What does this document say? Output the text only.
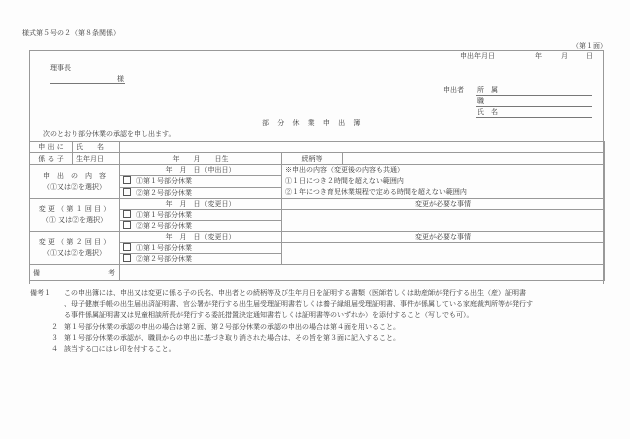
様式第５号の２（第８条関係）
（第１面）
理事長
様
申出年月日	年	月	日
申出者 所　属
職
氏　名
部 分 休 業 申 出 簿
次のとおり部分休業の承認を申し出ます。
申 出 に	氏　　名			
係 る 子	生年月日	年　　月　　日生	続柄等	

申　出　の　内　容
（①又は②を選択）
	年　月　日（申出日）	※申出の内容（変更後の内容も共通）
①１日につき２時間を超えない範囲内
②１年につき育児休業規程で定める時間を超えない範囲内

		①第１号部分休業		
		②第２号部分休業		

変 更 （ 第 １ 回 目 ）
（① 又は②を選択）		年　月　日（変更日）	変更が必要な事情	
		①第１号部分休業		
		②第２号部分休業		

変 更 （ 第 ２ 回 目 ）
（①又は②を選択）		年　月　日（変更日）	変更が必要な事情	
		①第１号部分休業		
		②第２号部分休業		
備 考				

備考１	この申出簿には、申出又は変更に係る子の氏名、申出者との続柄等及び生年月日を証明する書類（医師若しくは助産師が発行する出生（産）証明書
、母子健康手帳の出生届出済証明書、官公署が発行する出生届受理証明書若しくは養子縁組届受理証明書、事件が係属している家庭裁判所等が発行す
る事件係属証明書又は児童相談所長が発行する委託措置決定通知書若しくは証明書等のいずれか）を添付すること（写しでも可）。
２ 第１号部分休業の承認の申出の場合は第２面、第２号部分休業の承認の申出の場合は第４面を用いること。
３ 第１号部分休業の承認が、職員からの申出に基づき取り消された場合は、その旨を第３面に記入すること。
４ 該当する□にはレ印を付すること。
